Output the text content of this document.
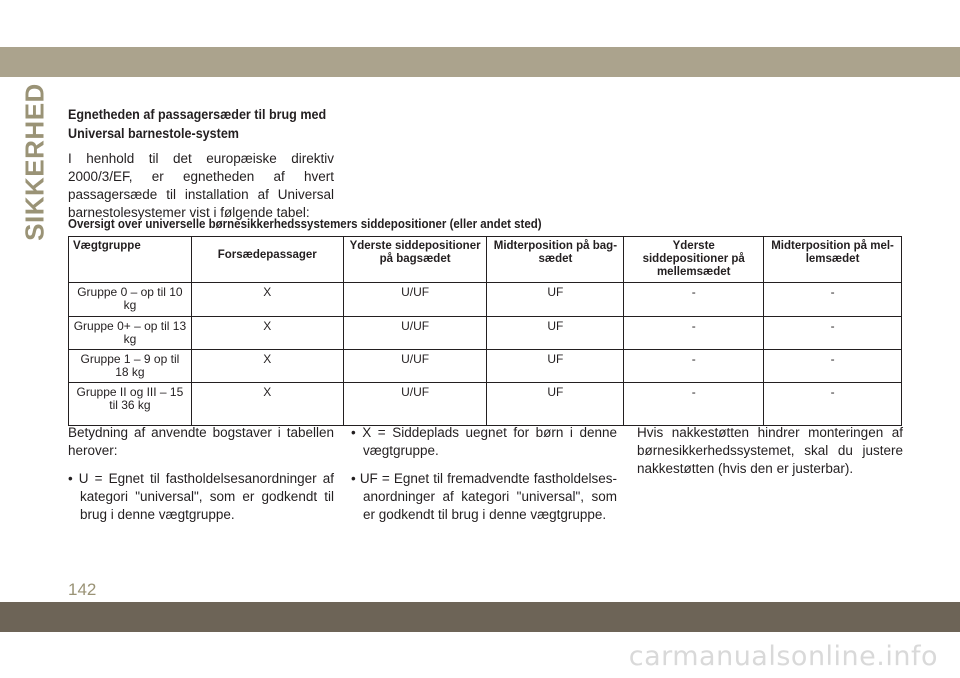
SIKKERHED Egnetheden af passagersæder til brug med
Universal barnestole-system

I henhold til det europæiske direktiv 2000/3/EF, er egnetheden af hvert passagersæde til installation af Universal barnestolesystemer vist i følgende tabel:

Oversigt over universelle børnesikkerhedssystemers siddepositioner (eller andet sted)
Vægtgruppe	Forsædepassager	Yderste siddepositioner på bagsædet	Midterposition på bag-sædet	Yderste siddepositioner på mellemsædet	Midterposition på mel-lemsædet
Gruppe 0 – op til 10 kg	X	U/UF	UF	-	-
Gruppe 0+ – op til 13 kg	X	U/UF	UF	-	-
Gruppe 1 – 9 op til 18 kg	X	U/UF	UF	-	-
Gruppe II og III – 15 til 36 kg	X	U/UF	UF	-	-

Betydning af anvendte bogstaver i tabellen herover:

• U = Egnet til fastholdelsesanordninger af kategori "universal", som er godkendt til brug i denne vægtgruppe.

• X = Siddeplads uegnet for børn i denne vægtgruppe.

• UF = Egnet til fremadvendte fastholdelses-anordninger af kategori "universal", som er godkendt til brug i denne vægtgruppe.

Hvis nakkestøtten hindrer monteringen af børnesikkerhedssystemet, skal du justere nakkestøtten (hvis den er justerbar).

142
carmanualsonline.info
